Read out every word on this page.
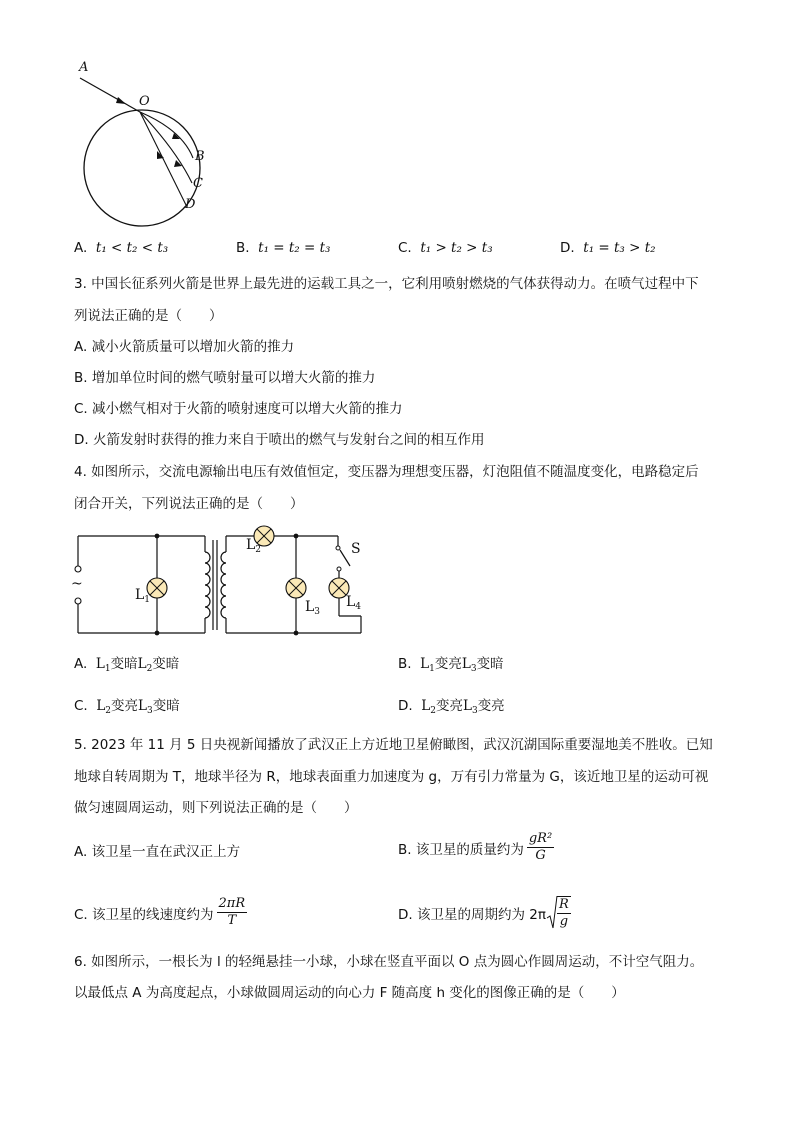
A
O
B
C
D
A. t₁ < t₂ < t₃	B. t₁ = t₂ = t₃	C. t₁ > t₂ > t₃	D. t₁ = t₃ > t₂
3. 中国长征系列火箭是世界上最先进的运载工具之一，它利用喷射燃烧的气体获得动力。在喷气过程中下
列说法正确的是（　　）
A. 减小火箭质量可以增加火箭的推力
B. 增加单位时间的燃气喷射量可以增大火箭的推力
C. 减小燃气相对于火箭的喷射速度可以增大火箭的推力
D. 火箭发射时获得的推力来自于喷出的燃气与发射台之间的相互作用
4. 如图所示，交流电源输出电压有效值恒定，变压器为理想变压器，灯泡阻值不随温度变化，电路稳定后
闭合开关，下列说法正确的是（　　）
~
S
$L_1$
$L_2$
$L_3$
$L_4$
A. $L_1$变暗$L_2$变暗	B. $L_1$变亮$L_3$变暗
C. $L_2$变亮$L_3$变暗	D. $L_2$变亮$L_3$变亮
5. 2023 年 11 月 5 日央视新闻播放了武汉正上方近地卫星俯瞰图，武汉沉湖国际重要湿地美不胜收。已知
地球自转周期为 T，地球半径为 R，地球表面重力加速度为 g，万有引力常量为 G，该近地卫星的运动可视
做匀速圆周运动，则下列说法正确的是（　　）
A. 该卫星一直在武汉正上方	B. 该卫星的质量约为 $\frac{\text{gR²}}{G}$
C. 该卫星的线速度约为 $\frac{2\pi R}{T}$	D. 该卫星的周期约为 $2\pi \frac{R}{g}$
6. 如图所示，一根长为 l 的轻绳悬挂一小球，小球在竖直平面以 O 点为圆心作圆周运动，不计空气阻力。
以最低点 A 为高度起点，小球做圆周运动的向心力 F 随高度 h 变化的图像正确的是（　　）
